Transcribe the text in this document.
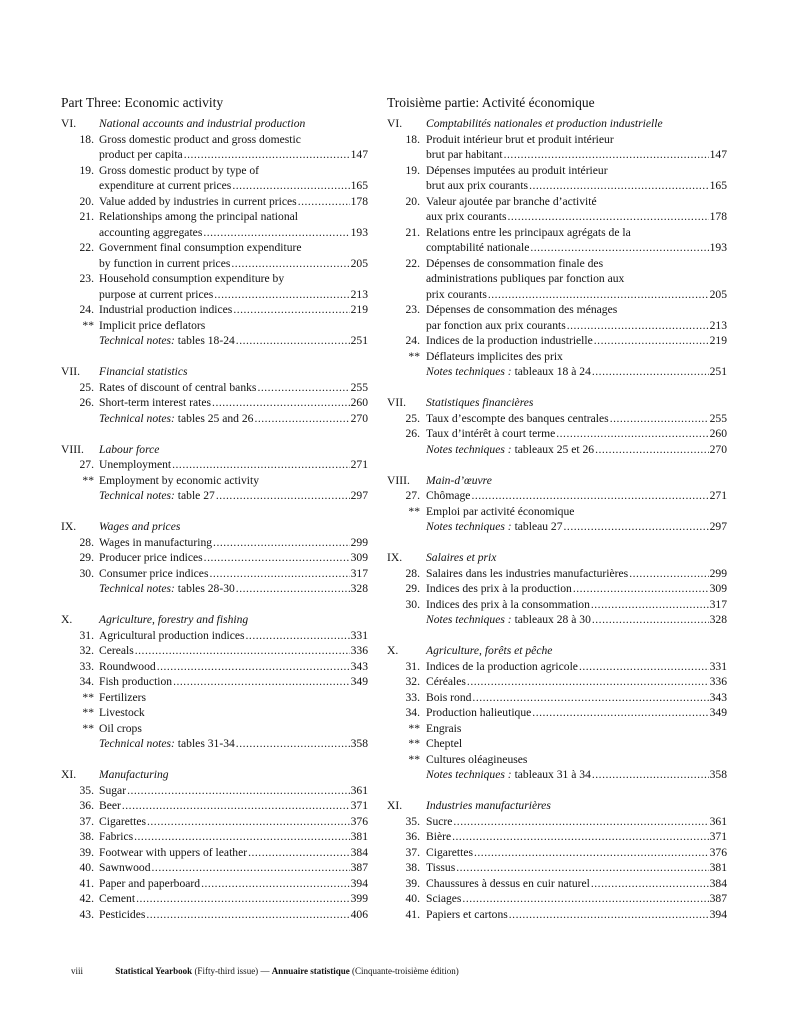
Part Three: Economic activity
VI. National accounts and industrial production
18. Gross domestic product and gross domestic
product per capita . . .	147
19. Gross domestic product by type of
expenditure at current prices . . .	165
20. Value added by industries in current prices . . .	178
21. Relationships among the principal national
accounting aggregates . . .	193
22. Government final consumption expenditure
by function in current prices . . .	205
23. Household consumption expenditure by
purpose at current prices . . .	213
24. Industrial production indices . . .	219
** Implicit price deflators
Technical notes:
tables 18-24 . . .	251
VII. Financial statistics
25. Rates of discount of central banks . . .	255
26. Short-term interest rates . . .	260
Technical notes:
tables 25 and 26 . . .	270
VIII. Labour force
27. Unemployment . . .	271
** Employment by economic activity
Technical notes:
table 27 . . .	297
IX. Wages and prices
28. Wages in manufacturing . . .	299
29. Producer price indices . . .	309
30. Consumer price indices . . .	317
Technical notes:
tables 28-30 . . .	328
X. Agriculture, forestry and fishing
31. Agricultural production indices . . .	331
32. Cereals . . .	336
33. Roundwood . . .	343
34. Fish production . . .	349
** Fertilizers
** Livestock
** Oil crops
Technical notes:
tables 31-34 . . .	358
XI. Manufacturing
35. Sugar . . .	361
36. Beer . . .	371
37. Cigarettes . . .	376
38. Fabrics . . .	381
39. Footwear with uppers of leather . . .	384
40. Sawnwood . . .	387
41. Paper and paperboard . . .	394
42. Cement . . .	399
43. Pesticides . . .	406
Troisième partie: Activité économique
VI. Comptabilités nationales et production industrielle
18. Produit intérieur brut et produit intérieur
brut par habitant . . .	147
19. Dépenses imputées au produit intérieur
brut aux prix courants . . .	165
20. Valeur ajoutée par branche d’activité
aux prix courants . . .	178
21. Relations entre les principaux agrégats de la
comptabilité nationale . . .	193
22. Dépenses de consommation finale des
administrations publiques par fonction aux
prix courants . . .	205
23. Dépenses de consommation des ménages
par fonction aux prix courants . . .	213
24. Indices de la production industrielle . . .	219
** Déflateurs implicites des prix
Notes techniques :
tableaux 18 à 24 . . .	251
VII. Statistiques financières
25. Taux d’escompte des banques centrales . . .	255
26. Taux d’intérêt à court terme . . .	260
Notes techniques :
tableaux 25 et 26 . . .	270
VIII. Main-d’œuvre
27. Chômage . . .	271
** Emploi par activité économique
Notes techniques :
tableau 27 . . .	297
IX. Salaires et prix
28. Salaires dans les industries manufacturières . . .	299
29. Indices des prix à la production . . .	309
30. Indices des prix à la consommation . . .	317
Notes techniques :
tableaux 28 à 30 . . .	328
X. Agriculture, forêts et pêche
31. Indices de la production agricole . . .	331
32. Céréales . . .	336
33. Bois rond . . .	343
34. Production halieutique . . .	349
** Engrais
** Cheptel
** Cultures oléagineuses
Notes techniques :
tableaux 31 à 34 . . .	358
XI. Industries manufacturières
35. Sucre . . .	361
36. Bière . . .	371
37. Cigarettes . . .	376
38. Tissus . . .	381
39. Chaussures à dessus en cuir naturel . . .	384
40. Sciages . . .	387
41. Papiers et cartons . . .	394
viii	Statistical Yearbook (Fifty-third issue) — Annuaire statistique (Cinquante-troisième édition)
